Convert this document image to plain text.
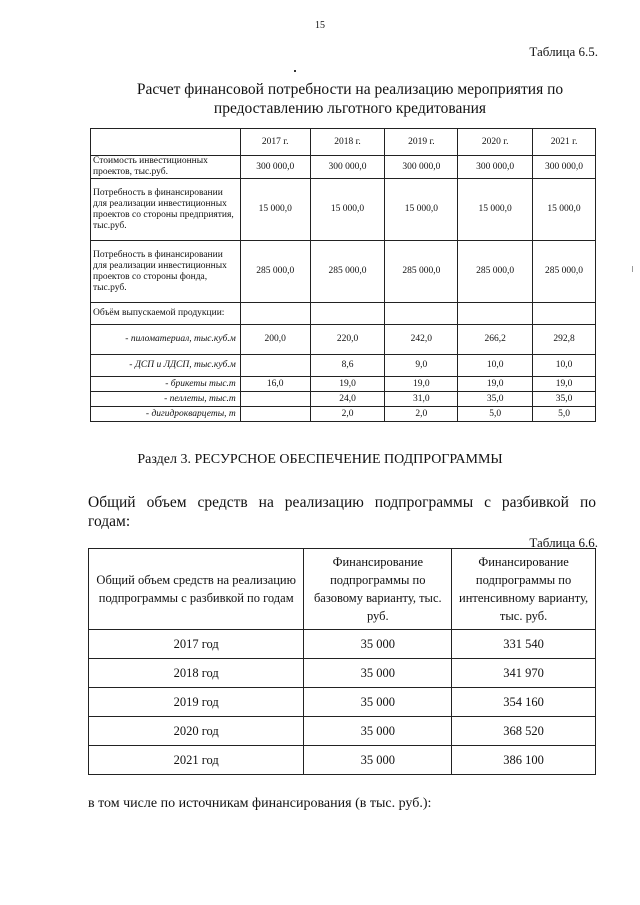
15
Таблица 6.5.
Расчет финансовой потребности на реализацию мероприятия по предоставлению льготного кредитования
	2017 г.	2018 г.	2019 г.	2020 г.	2021 г.
Стоимость инвестиционных проектов, тыс.руб.	300 000,0	300 000,0	300 000,0	300 000,0	300 000,0
Потребность в финансировании для реализации инвестиционных проектов со стороны предприятия, тыс.руб.	15 000,0	15 000,0	15 000,0	15 000,0	15 000,0
Потребность в финансировании для реализации инвестиционных проектов со стороны фонда, тыс.руб.	285 000,0	285 000,0	285 000,0	285 000,0	285 000,0
Объём выпускаемой продукции:					
- пиломатериал, тыс.куб.м	200,0	220,0	242,0	266,2	292,8
- ДСП и ЛДСП, тыс.куб.м		8,6	9,0	10,0	10,0
- брикеты тыс.т	16,0	19,0	19,0	19,0	19,0
- пеллеты, тыс.т		24,0	31,0	35,0	35,0
- дигидрокварцеты, т		2,0	2,0	5,0	5,0
Раздел 3. РЕСУРСНОЕ ОБЕСПЕЧЕНИЕ ПОДПРОГРАММЫ
Общий объем средств на реализацию подпрограммы с разбивкой по
годам:
Таблица 6.6.
Общий объем средств на реализацию подпрограммы с разбивкой по годам	Финансирование подпрограммы по базовому варианту, тыс. руб.	Финансирование подпрограммы по интенсивному варианту, тыс. руб.
2017 год	35 000	331 540
2018 год	35 000	341 970
2019 год	35 000	354 160
2020 год	35 000	368 520
2021 год	35 000	386 100
в том числе по источникам финансирования (в тыс. руб.):
